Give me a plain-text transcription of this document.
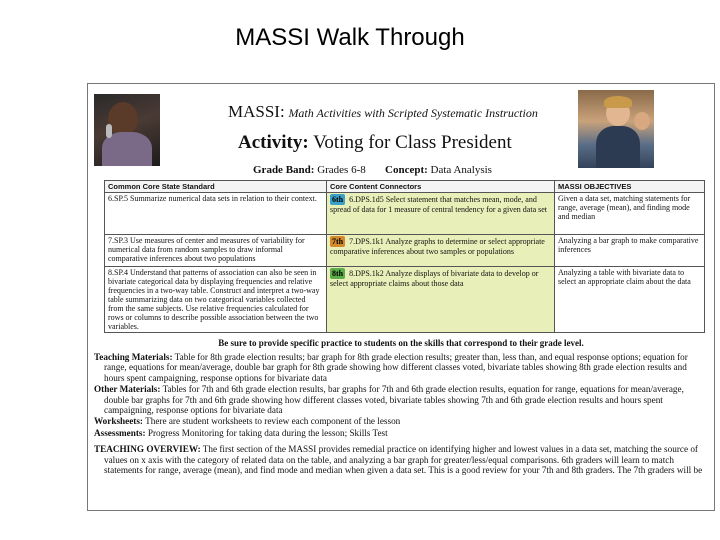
MASSI Walk Through
MASSI: Math Activities with Scripted Systematic Instruction
Activity: Voting for Class President
Grade Band: Grades 6-8 Concept: Data Analysis
Common Core State Standard	Core Content Connectors	MASSI OBJECTIVES
6.SP.5 Summarize numerical data sets in relation to their context.	6th 6.DPS.1d5 Select statement that matches mean, mode, and spread of data for 1 measure of central tendency for a given data set	Given a data set, matching statements for range, average (mean), and finding mode and median
7.SP.3 Use measures of center and measures of variability for numerical data from random samples to draw informal comparative inferences about two populations	7th 7.DPS.1k1 Analyze graphs to determine or select appropriate comparative inferences about two samples or populations	Analyzing a bar graph to make comparative inferences
8.SP.4 Understand that patterns of association can also be seen in bivariate categorical data by displaying frequencies and relative frequencies in a two-way table. Construct and interpret a two-way table summarizing data on two categorical variables collected from the same subjects. Use relative frequencies calculated for rows or columns to describe possible association between the two variables.	8th 8.DPS.1k2 Analyze displays of bivariate data to develop or select appropriate claims about those data	Analyzing a table with bivariate data to select an appropriate claim about the data
Be sure to provide specific practice to students on the skills that correspond to their grade level.

Teaching Materials: Table for 8th grade election results; bar graph for 8th grade election results; greater than, less than, and equal response options; equation for range, equations for mean/average, double bar graph for 8th grade showing how different classes voted, bivariate tables showing 8th grade election results and hours spent campaigning, response options for bivariate data

Other Materials: Tables for 7th and 6th grade election results, bar graphs for 7th and 6th grade election results, equation for range, equations for mean/average, double bar graphs for 7th and 6th grade showing how different classes voted, bivariate tables showing 7th and 6th grade election results and hours spent campaigning, response options for bivariate data

Worksheets: There are student worksheets to review each component of the lesson

Assessments: Progress Monitoring for taking data during the lesson; Skills Test

TEACHING OVERVIEW: The first section of the MASSI provides remedial practice on identifying higher and lowest values in a data set, matching the source of values on x axis with the category of related data on the table, and analyzing a bar graph for greater/less/equal comparisons. 6th graders will learn to match statements for range, average (mean), and find mode and median when given a data set. This is a good review for your 7th and 8th graders. The 7th graders will be
